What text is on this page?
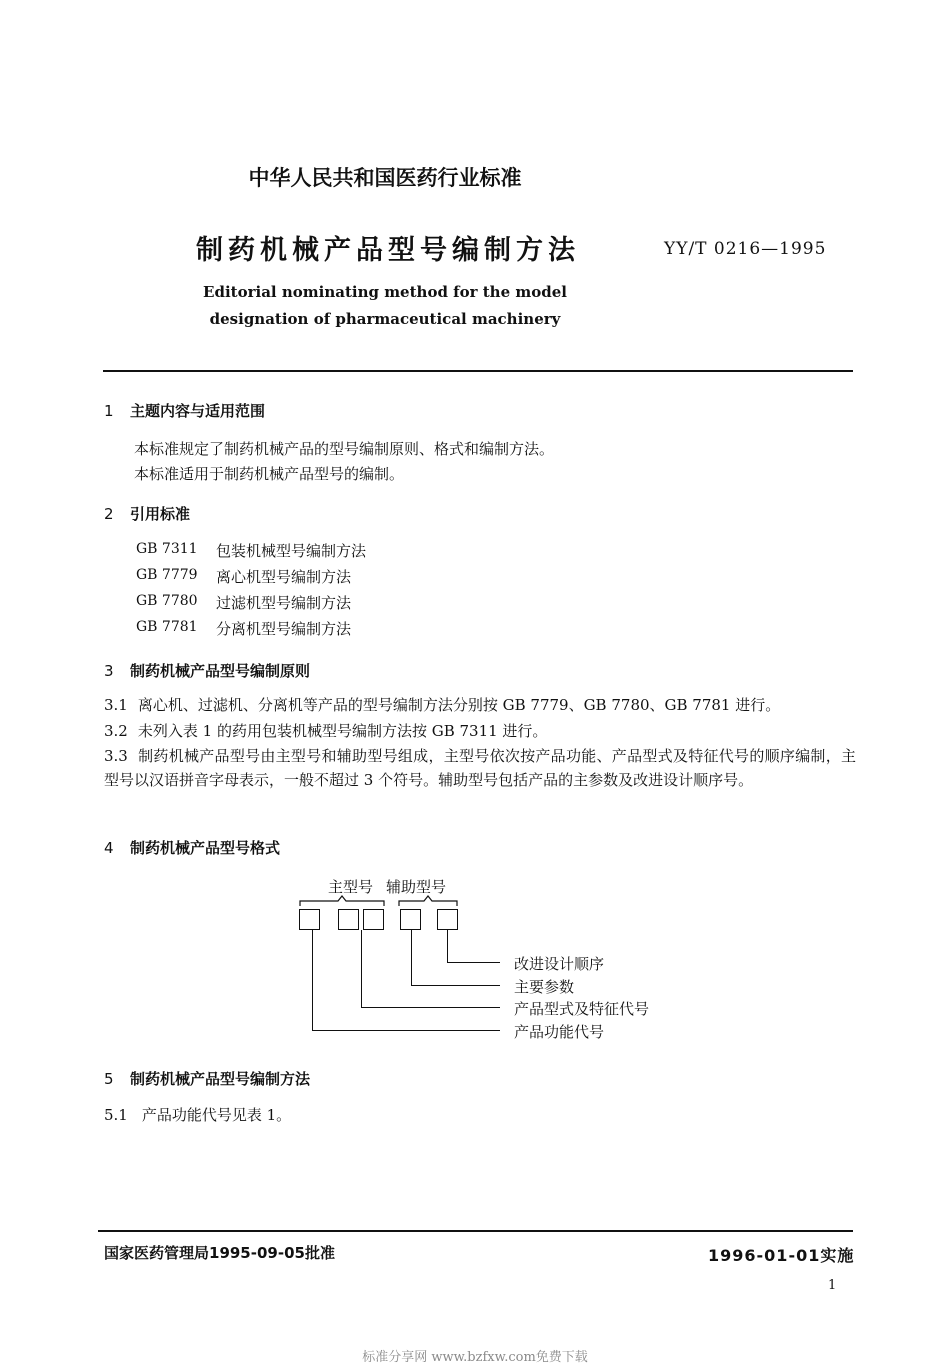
中华人民共和国医药行业标准
制药机械产品型号编制方法	YY/T 0216—1995
Editorial nominating method for the model
designation of pharmaceutical machinery
1 主题内容与适用范围
本标准规定了制药机械产品的型号编制原则、格式和编制方法。
本标准适用于制药机械产品型号的编制。
2 引用标准
GB 7311 包装机械型号编制方法
GB 7779 离心机型号编制方法
GB 7780 过滤机型号编制方法
GB 7781 分离机型号编制方法
3 制药机械产品型号编制原则
3.1 离心机、过滤机、分离机等产品的型号编制方法分别按 GB 7779、GB 7780、GB 7781 进行。
3.2 未列入表 1 的药用包装机械型号编制方法按 GB 7311 进行。
3.3 制药机械产品型号由主型号和辅助型号组成，主型号依次按产品功能、产品型式及特征代号的顺序编制，主型号以汉语拼音字母表示，一般不超过 3 个符号。辅助型号包括产品的主参数及改进设计顺序号。
4 制药机械产品型号格式
主型号 辅助型号
改进设计顺序
主要参数
产品型式及特征代号
产品功能代号
5 制药机械产品型号编制方法
5.1 产品功能代号见表 1。
国家医药管理局1995-09-05批准	1996-01-01实施
1
标准分享网 www.bzfxw.com免费下载
